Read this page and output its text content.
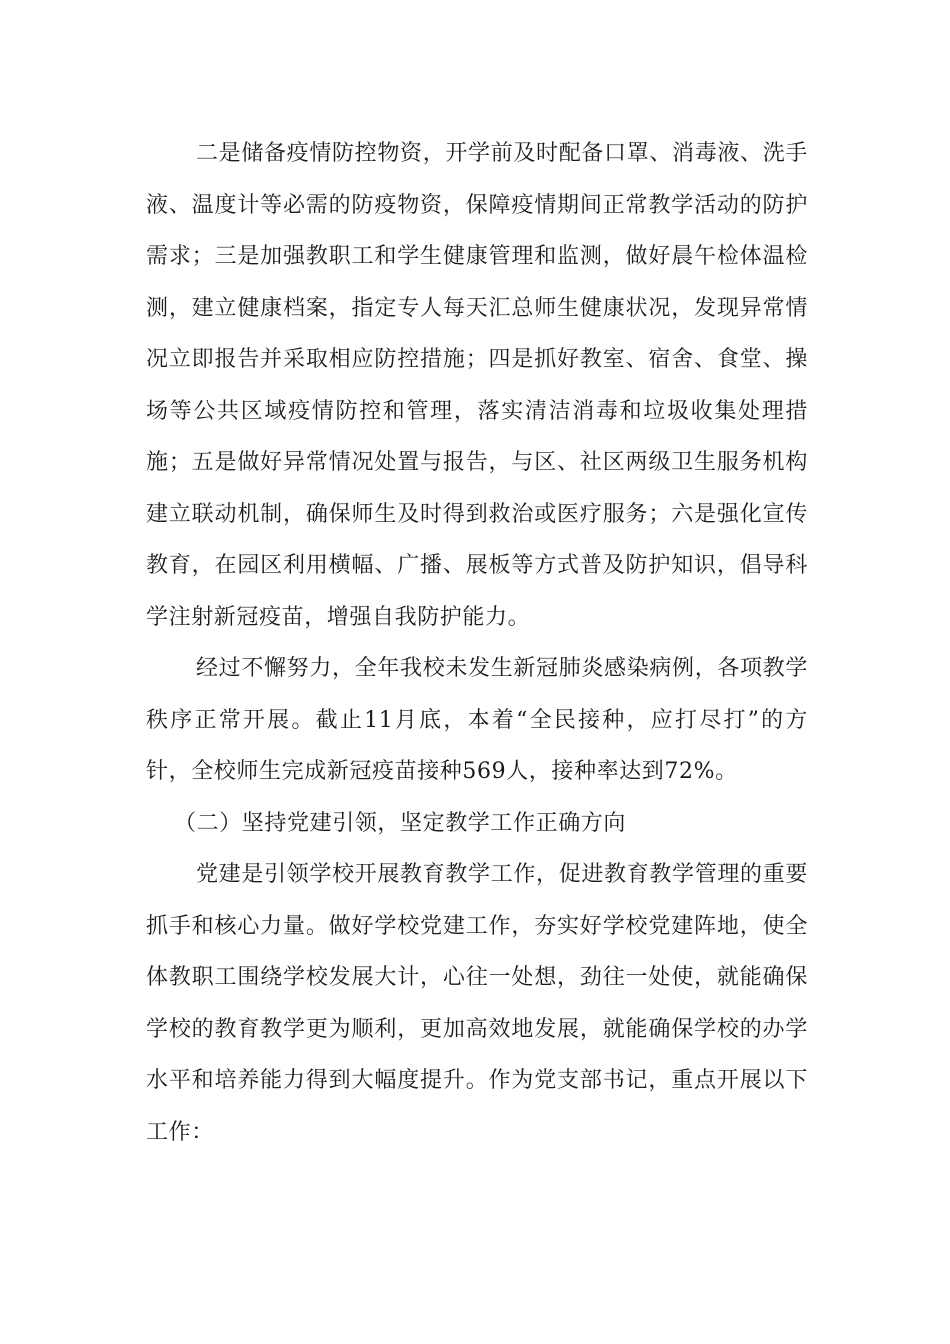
二是储备疫情防控物资，开学前及时配备口罩、消毒液、洗手液、温度计等必需的防疫物资，保障疫情期间正常教学活动的防护需求；三是加强教职工和学生健康管理和监测，做好晨午检体温检测，建立健康档案，指定专人每天汇总师生健康状况，发现异常情况立即报告并采取相应防控措施；四是抓好教室、宿舍、食堂、操场等公共区域疫情防控和管理，落实清洁消毒和垃圾收集处理措施；五是做好异常情况处置与报告，与区、社区两级卫生服务机构建立联动机制，确保师生及时得到救治或医疗服务；六是强化宣传教育，在园区利用横幅、广播、展板等方式普及防护知识，倡导科学注射新冠疫苗，增强自我防护能力。

经过不懈努力，全年我校未发生新冠肺炎感染病例，各项教学秩序正常开展。截止11月底，本着“全民接种，应打尽打”的方针，全校师生完成新冠疫苗接种569人，接种率达到72%。

（二）坚持党建引领，坚定教学工作正确方向

党建是引领学校开展教育教学工作，促进教育教学管理的重要抓手和核心力量。做好学校党建工作，夯实好学校党建阵地，使全体教职工围绕学校发展大计，心往一处想，劲往一处使，就能确保学校的教育教学更为顺利，更加高效地发展，就能确保学校的办学水平和培养能力得到大幅度提升。作为党支部书记，重点开展以下工作：
